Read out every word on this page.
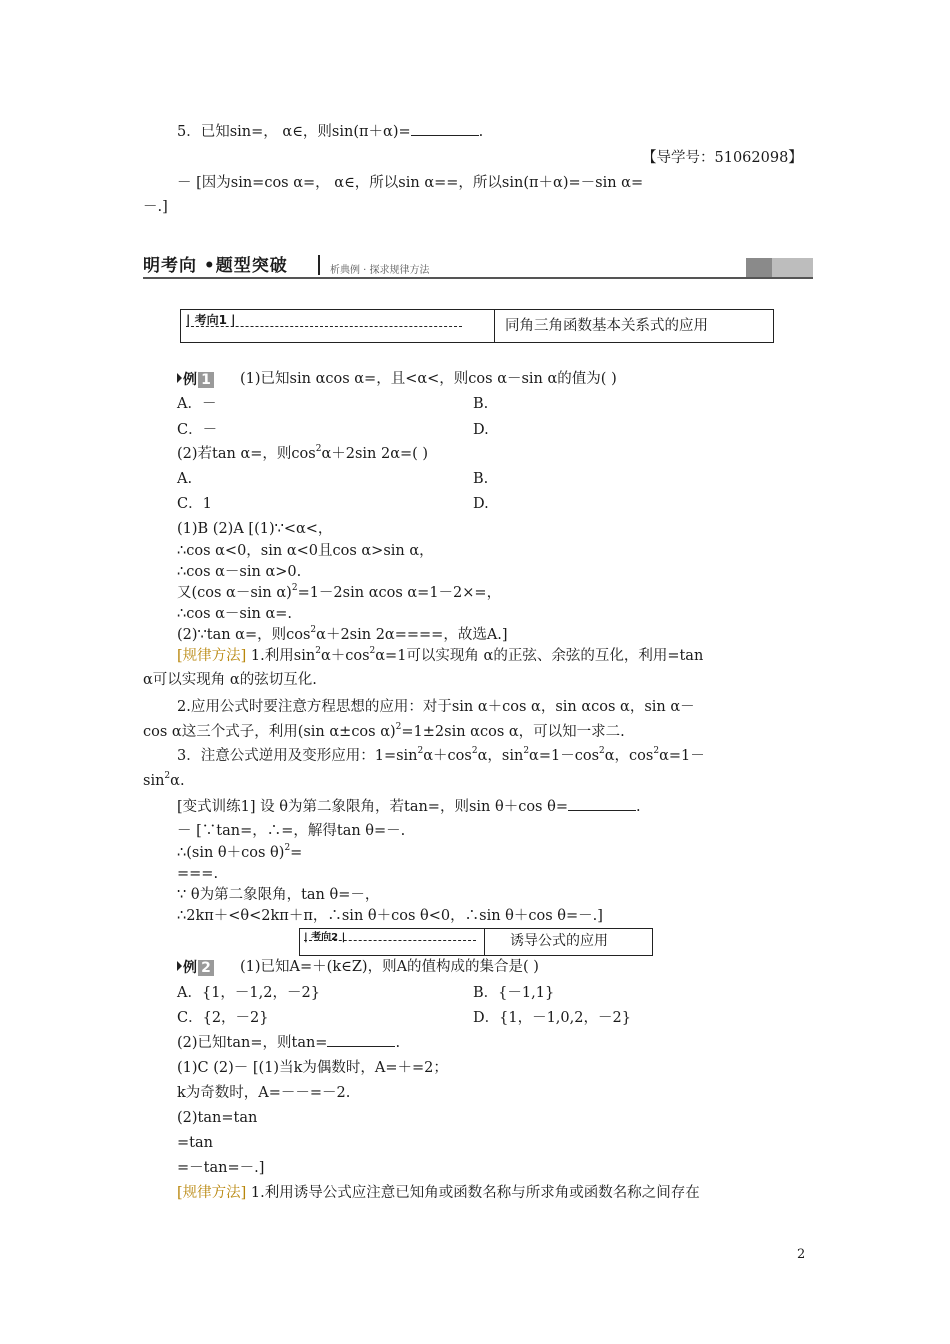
5．已知sin=， α∈，则sin(π＋α)=	.
【导学号：51062098】
－ [因为sin=cos α=， α∈，所以sin α==，所以sin(π＋α)=－sin α=
－.]
明考向 •题型突破	析典例 · 探求规律方法
| 考向1 |	同角三角函数基本关系式的应用
例 1 (1)已知sin αcos α=，且<α<，则cos α－sin α的值为( )
A．－	B.
C．－	D.
(2)若tan α=，则$\cos^2\alpha+2\sin$ 2α=( )
A.	B.
C．1	D.
(1)B (2)A [(1)∵<α<，
∴cos α<0，sin α<0且cos α>sin α，
∴cos α－sin α>0.
又(cos α－sin α)$^2$=1－2sin αcos α=1－2×=，
∴cos α－sin α=.
(2)∵tan α=，则$\cos^2\alpha+2\sin$ 2α====，故选A.]
[规律方法] 1.利用$\sin^2\alpha+\cos^2\alpha=1$可以实现角 α的正弦、余弦的互化，利用=tan
α可以实现角 α的弦切互化.
2.应用公式时要注意方程思想的应用：对于sin α＋cos α，sin αcos α，sin α－
cos α这三个式子，利用(sin α±cos α)$^2$=1±2sin αcos α，可以知一求二.
3．注意公式逆用及变形应用：$1=\sin^2\alpha+\cos^2\alpha$，$\sin^2\alpha=1-\cos^2\alpha$，$\cos^2\alpha=1-$
$\sin^2\alpha$.
[变式训练1] 设 θ为第二象限角，若tan=，则sin θ＋cos θ=	.
－ [∵tan=，∴=，解得tan θ=－.
∴(sin θ＋cos θ)$^2$=
===.
∵ θ为第二象限角，tan θ=－，
∴2kπ＋<θ<2kπ＋π，∴sin θ＋cos θ<0，∴sin θ＋cos θ=－.]
| 考向2 |	诱导公式的应用
例 2 (1)已知A=＋(k∈Z)，则A的值构成的集合是( )
A．{1，－1,2，－2}	B．{－1,1}
C．{2，－2}	D．{1，－1,0,2，－2}
(2)已知tan=，则tan=	.
(1)C (2)－ [(1)当k为偶数时，A=＋=2；
k为奇数时，A=－－=－2.
(2)tan=tan
=tan
=－tan=－.]
[规律方法] 1.利用诱导公式应注意已知角或函数名称与所求角或函数名称之间存在
2
